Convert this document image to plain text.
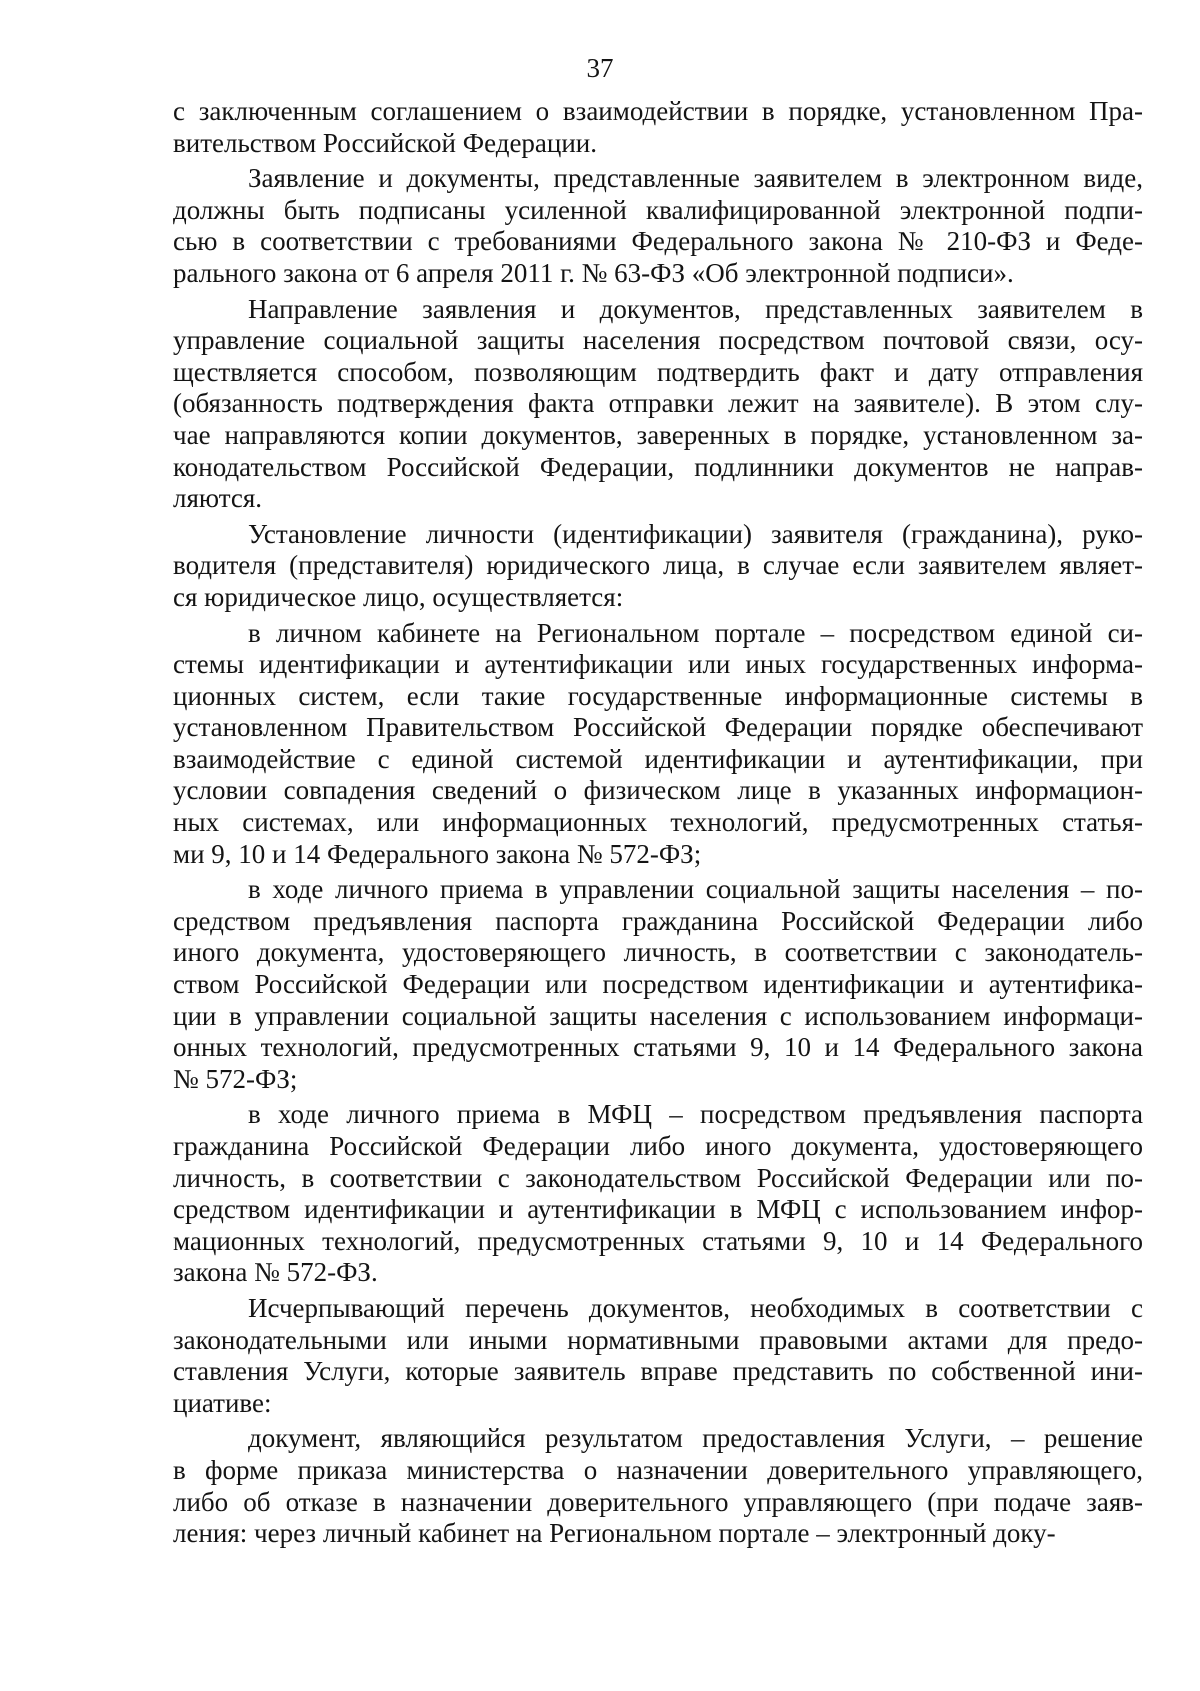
37
с заключенным соглашением о взаимодействии в порядке, установленном Пра-
вительством Российской Федерации.
Заявление и документы, представленные заявителем в электронном виде,
должны быть подписаны усиленной квалифицированной электронной подпи-
сью в соответствии с требованиями Федерального закона № 210-ФЗ и Феде-
рального закона от 6 апреля 2011 г. № 63-ФЗ «Об электронной подписи».
Направление заявления и документов, представленных заявителем в
управление социальной защиты населения посредством почтовой связи, осу-
ществляется способом, позволяющим подтвердить факт и дату отправления
(обязанность подтверждения факта отправки лежит на заявителе). В этом слу-
чае направляются копии документов, заверенных в порядке, установленном за-
конодательством Российской Федерации, подлинники документов не направ-
ляются.
Установление личности (идентификации) заявителя (гражданина), руко-
водителя (представителя) юридического лица, в случае если заявителем являет-
ся юридическое лицо, осуществляется:
в личном кабинете на Региональном портале – посредством единой си-
стемы идентификации и аутентификации или иных государственных информа-
ционных систем, если такие государственные информационные системы в
установленном Правительством Российской Федерации порядке обеспечивают
взаимодействие с единой системой идентификации и аутентификации, при
условии совпадения сведений о физическом лице в указанных информацион-
ных системах, или информационных технологий, предусмотренных статья-
ми 9, 10 и 14 Федерального закона № 572-ФЗ;
в ходе личного приема в управлении социальной защиты населения – по-
средством предъявления паспорта гражданина Российской Федерации либо
иного документа, удостоверяющего личность, в соответствии с законодатель-
ством Российской Федерации или посредством идентификации и аутентифика-
ции в управлении социальной защиты населения с использованием информаци-
онных технологий, предусмотренных статьями 9, 10 и 14 Федерального закона
№ 572-ФЗ;
в ходе личного приема в МФЦ – посредством предъявления паспорта
гражданина Российской Федерации либо иного документа, удостоверяющего
личность, в соответствии с законодательством Российской Федерации или по-
средством идентификации и аутентификации в МФЦ с использованием инфор-
мационных технологий, предусмотренных статьями 9, 10 и 14 Федерального
закона № 572-ФЗ.
Исчерпывающий перечень документов, необходимых в соответствии с
законодательными или иными нормативными правовыми актами для предо-
ставления Услуги, которые заявитель вправе представить по собственной ини-
циативе:
документ, являющийся результатом предоставления Услуги, – решение
в форме приказа министерства о назначении доверительного управляющего,
либо об отказе в назначении доверительного управляющего (при подаче заяв-
ления: через личный кабинет на Региональном портале – электронный доку-
